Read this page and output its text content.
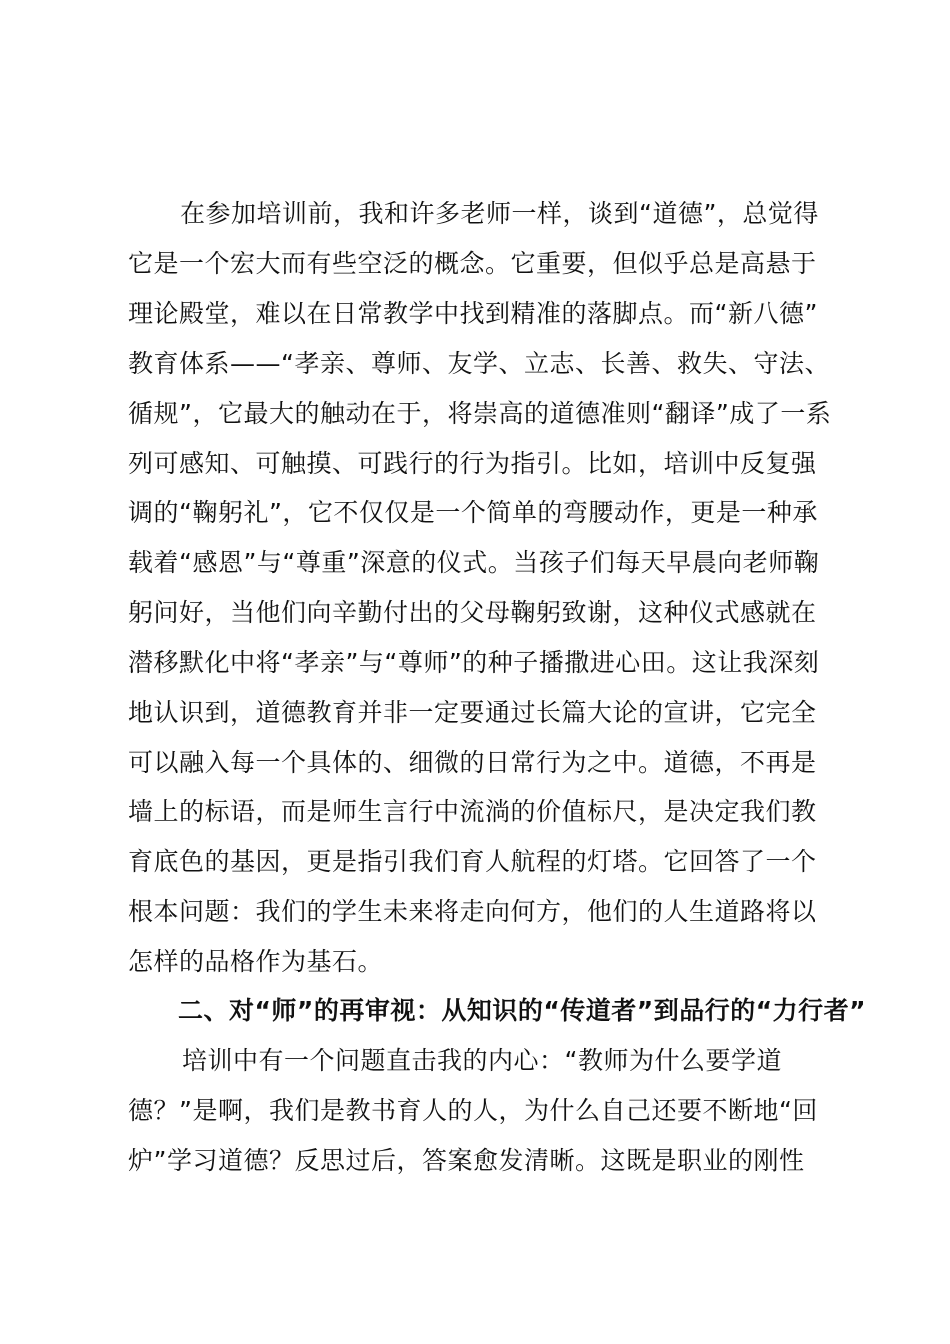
在参加培训前，我和许多老师一样，谈到“道德”，总觉得
它是一个宏大而有些空泛的概念。它重要，但似乎总是高悬于
理论殿堂，难以在日常教学中找到精准的落脚点。而“新八德”
教育体系——“孝亲、尊师、友学、立志、长善、救失、守法、
循规”，它最大的触动在于，将崇高的道德准则“翻译”成了一系
列可感知、可触摸、可践行的行为指引。比如，培训中反复强
调的“鞠躬礼”，它不仅仅是一个简单的弯腰动作，更是一种承
载着“感恩”与“尊重”深意的仪式。当孩子们每天早晨向老师鞠
躬问好，当他们向辛勤付出的父母鞠躬致谢，这种仪式感就在
潜移默化中将“孝亲”与“尊师”的种子播撒进心田。这让我深刻
地认识到，道德教育并非一定要通过长篇大论的宣讲，它完全
可以融入每一个具体的、细微的日常行为之中。道德，不再是
墙上的标语，而是师生言行中流淌的价值标尺，是决定我们教
育底色的基因，更是指引我们育人航程的灯塔。它回答了一个
根本问题：我们的学生未来将走向何方，他们的人生道路将以
怎样的品格作为基石。
二、对“师”的再审视：从知识的“传道者”到品行的“力行者”
培训中有一个问题直击我的内心：“教师为什么要学道
德？”是啊，我们是教书育人的人，为什么自己还要不断地“回
炉”学习道德？反思过后，答案愈发清晰。这既是职业的刚性
